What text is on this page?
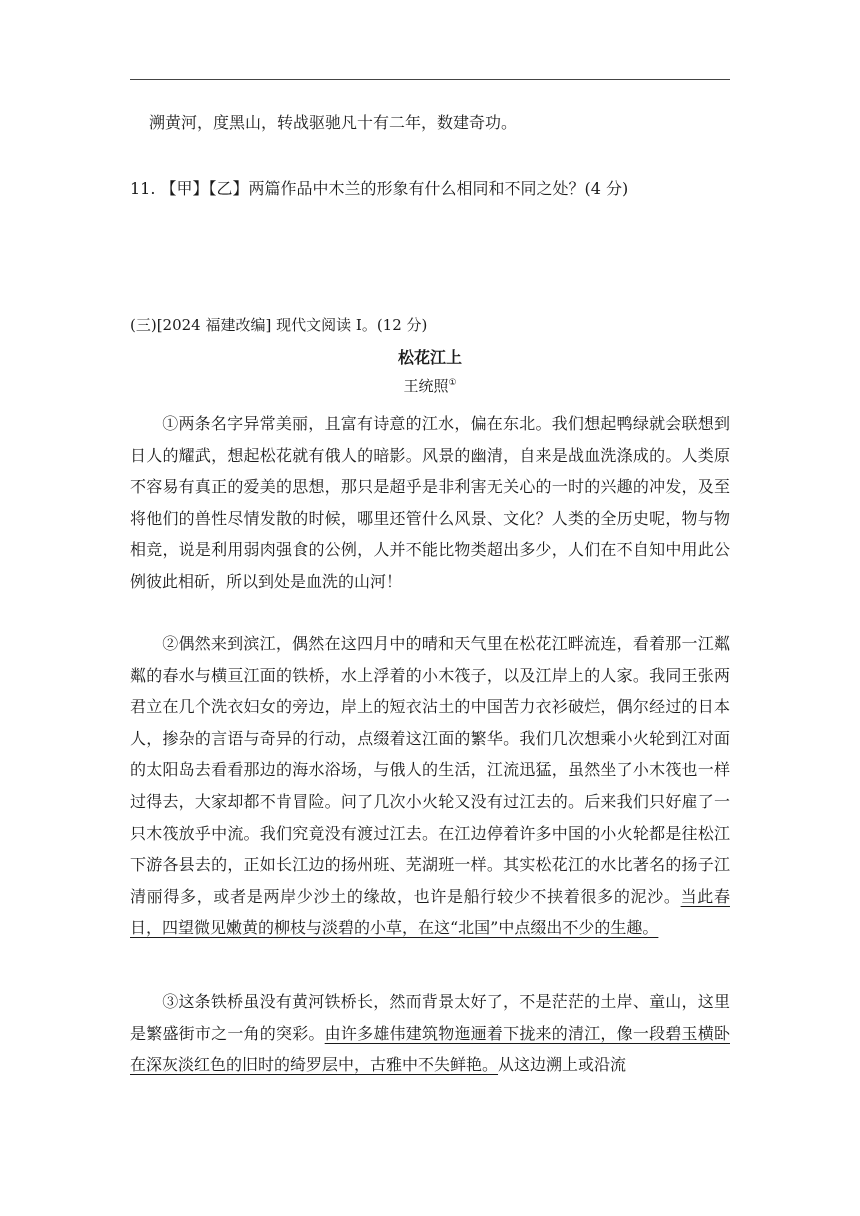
溯黄河，度黑山，转战驱驰凡十有二年，数建奇功。
11. 【甲】【乙】两篇作品中木兰的形象有什么相同和不同之处？(4 分)
(三)[2024 福建改编] 现代文阅读 I。(12 分)
松花江上
王统照①
①两条名字异常美丽，且富有诗意的江水，偏在东北。我们想起鸭绿就会联想到日人的耀武，想起松花就有俄人的暗影。风景的幽清，自来是战血洗涤成的。人类原不容易有真正的爱美的思想，那只是超乎是非利害无关心的一时的兴趣的冲发，及至将他们的兽性尽情发散的时候，哪里还管什么风景、文化？人类的全历史呢，物与物相竞，说是利用弱肉强食的公例，人并不能比物类超出多少，人们在不自知中用此公例彼此相斫，所以到处是血洗的山河！
②偶然来到滨江，偶然在这四月中的晴和天气里在松花江畔流连，看着那一江粼粼的春水与横亘江面的铁桥，水上浮着的小木筏子，以及江岸上的人家。我同王张两君立在几个洗衣妇女的旁边，岸上的短衣沾土的中国苦力衣衫破烂，偶尔经过的日本人，掺杂的言语与奇异的行动，点缀着这江面的繁华。我们几次想乘小火轮到江对面的太阳岛去看看那边的海水浴场，与俄人的生活，江流迅猛，虽然坐了小木筏也一样过得去，大家却都不肯冒险。问了几次小火轮又没有过江去的。后来我们只好雇了一只木筏放乎中流。我们究竟没有渡过江去。在江边停着许多中国的小火轮都是往松江下游各县去的，正如长江边的扬州班、芜湖班一样。其实松花江的水比著名的扬子江清丽得多，或者是两岸少沙土的缘故，也许是船行较少不挟着很多的泥沙。当此春日，四望微见嫩黄的柳枝与淡碧的小草，在这“北国”中点缀出不少的生趣。
③这条铁桥虽没有黄河铁桥长，然而背景太好了，不是茫茫的土岸、童山，这里是繁盛街市之一角的突彩。由许多雄伟建筑物迤逦着下拢来的清江，像一段碧玉横卧在深灰淡红色的旧时的绮罗层中，古雅中不失鲜艳。从这边溯上或沿流
